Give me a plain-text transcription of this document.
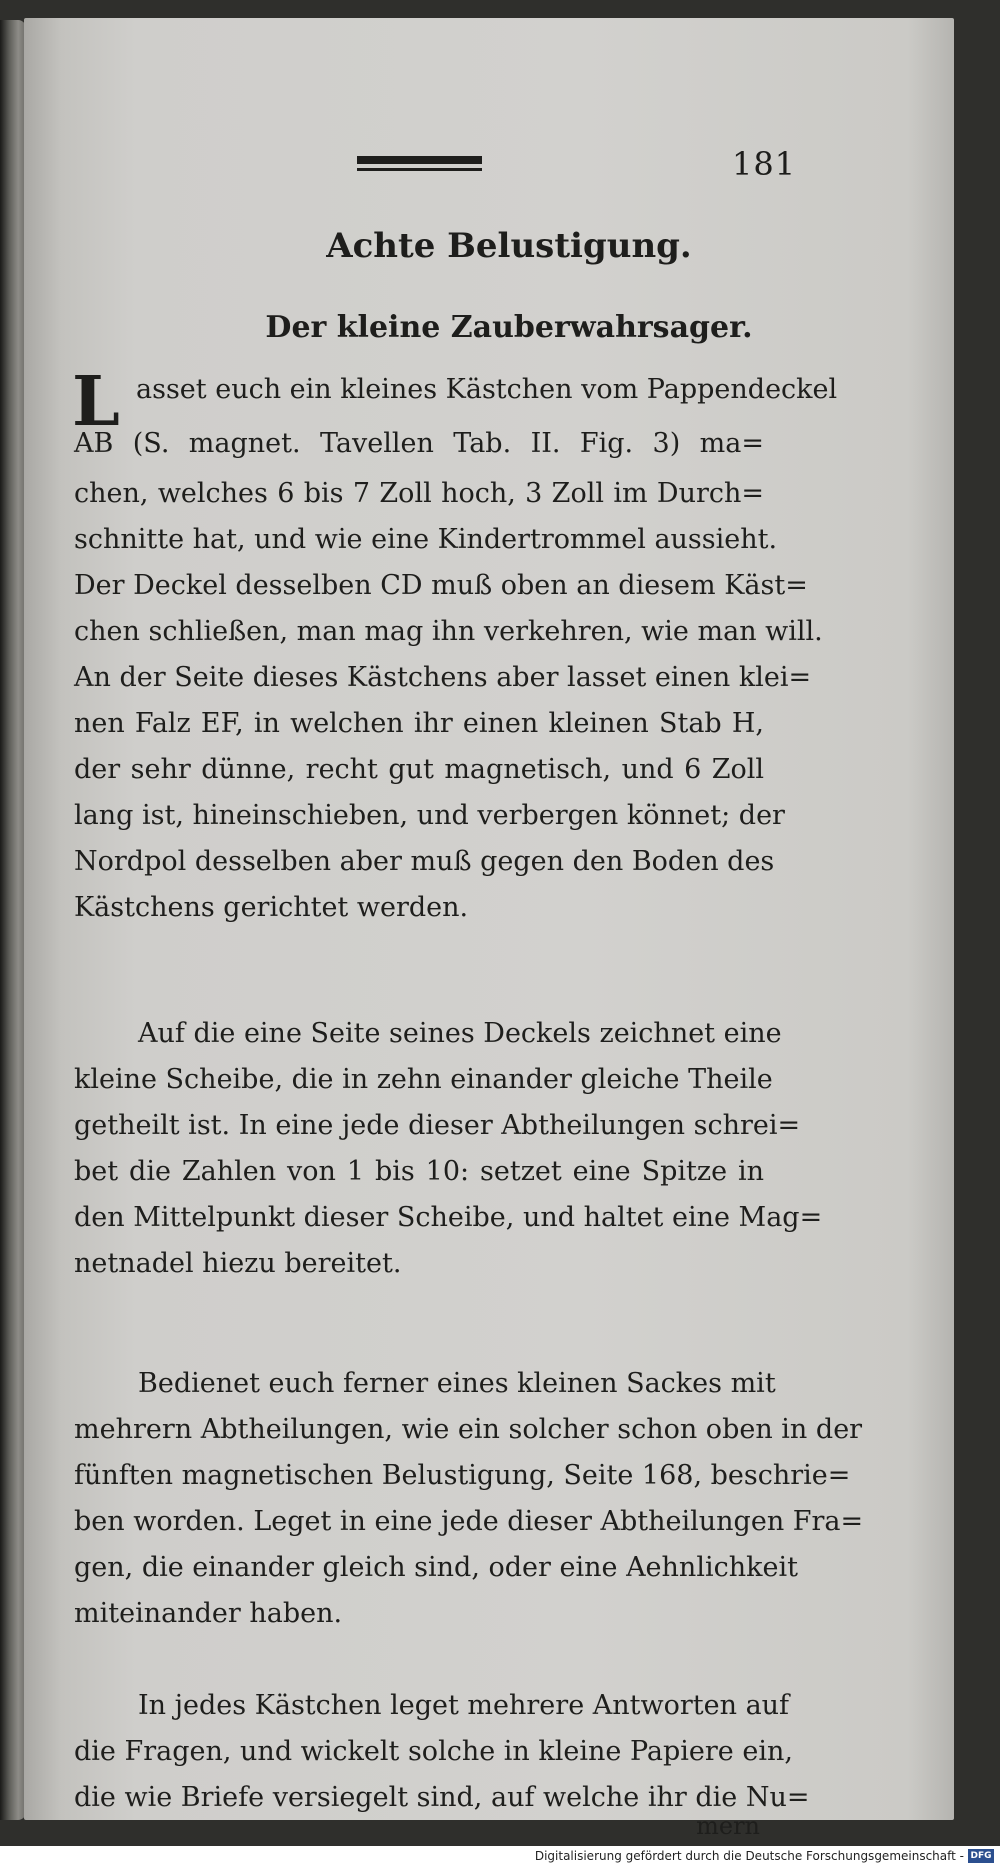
181
Achte Belustigung.
Der kleine Zauberwahrsager.
L asset euch ein kleines Kästchen vom Pappendeckel
AB (S. magnet. Tavellen Tab. II. Fig. 3) ma=
chen, welches 6 bis 7 Zoll hoch, 3 Zoll im Durch=
schnitte hat, und wie eine Kindertrommel aussieht.
Der Deckel desselben CD muß oben an diesem Käst=
chen schließen, man mag ihn verkehren, wie man will.
An der Seite dieses Kästchens aber lasset einen klei=
nen Falz EF, in welchen ihr einen kleinen Stab H,
der sehr dünne, recht gut magnetisch, und 6 Zoll
lang ist, hineinschieben, und verbergen könnet; der
Nordpol desselben aber muß gegen den Boden des
Kästchens gerichtet werden.
Auf die eine Seite seines Deckels zeichnet eine
kleine Scheibe, die in zehn einander gleiche Theile
getheilt ist. In eine jede dieser Abtheilungen schrei=
bet die Zahlen von 1 bis 10: setzet eine Spitze in
den Mittelpunkt dieser Scheibe, und haltet eine Mag=
netnadel hiezu bereitet.
Bedienet euch ferner eines kleinen Sackes mit
mehrern Abtheilungen, wie ein solcher schon oben in der
fünften magnetischen Belustigung, Seite 168, beschrie=
ben worden. Leget in eine jede dieser Abtheilungen Fra=
gen, die einander gleich sind, oder eine Aehnlichkeit
miteinander haben.
In jedes Kästchen leget mehrere Antworten auf
die Fragen, und wickelt solche in kleine Papiere ein,
die wie Briefe versiegelt sind, auf welche ihr die Nu=
mern
Digitalisierung gefördert durch die Deutsche Forschungsgemeinschaft - DFG
